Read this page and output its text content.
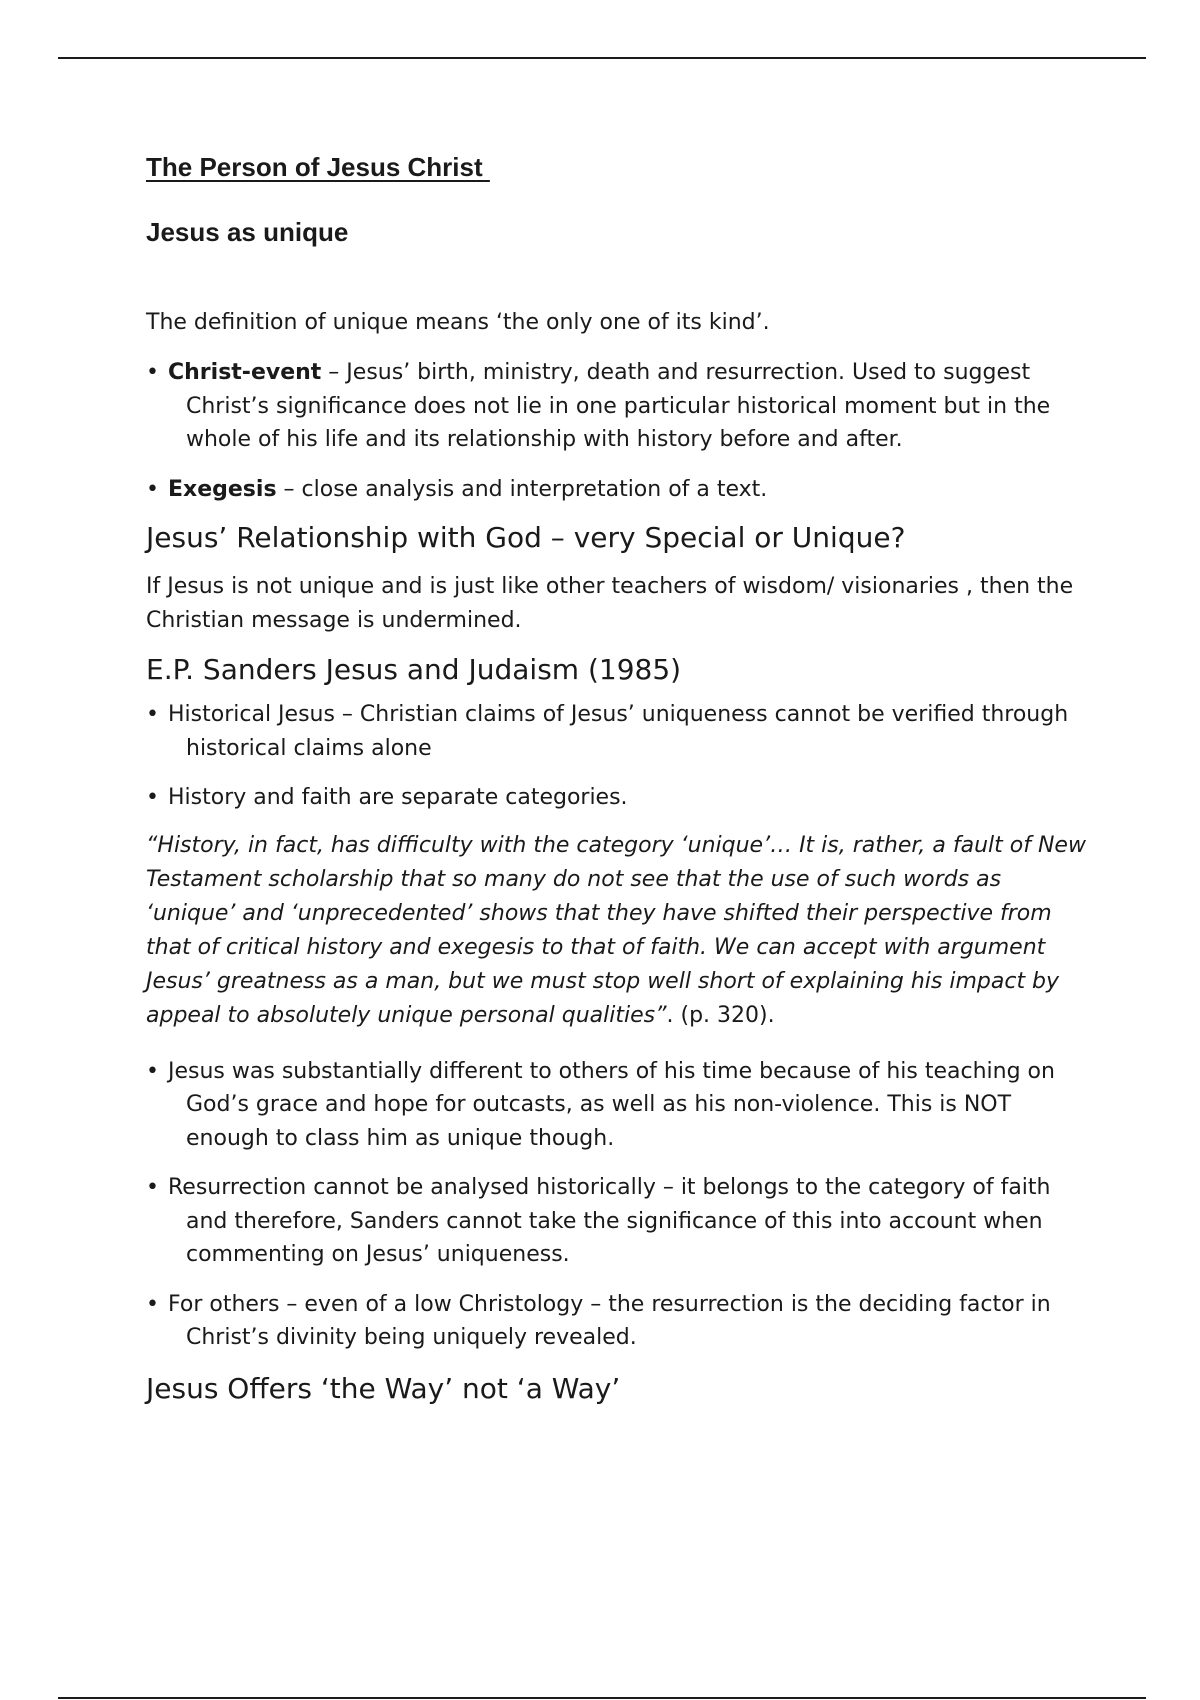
The Person of Jesus Christ
Jesus as unique

The definition of unique means ‘the only one of its kind’.

• Christ-event – Jesus’ birth, ministry, death and resurrection. Used to suggest Christ’s significance does not lie in one particular historical moment but in the whole of his life and its relationship with history before and after.
• Exegesis – close analysis and interpretation of a text.
Jesus’ Relationship with God – very Special or Unique?

If Jesus is not unique and is just like other teachers of wisdom/ visionaries , then the Christian message is undermined.

E.P. Sanders Jesus and Judaism (1985)
• Historical Jesus – Christian claims of Jesus’ uniqueness cannot be verified through historical claims alone
• History and faith are separate categories.

“History, in fact, has difficulty with the category ‘unique’… It is, rather, a fault of New Testament scholarship that so many do not see that the use of such words as ‘unique’ and ‘unprecedented’ shows that they have shifted their perspective from that of critical history and exegesis to that of faith. We can accept with argument Jesus’ greatness as a man, but we must stop well short of explaining his impact by appeal to absolutely unique personal qualities”. (p. 320).

• Jesus was substantially different to others of his time because of his teaching on God’s grace and hope for outcasts, as well as his non-violence. This is NOT enough to class him as unique though.
• Resurrection cannot be analysed historically – it belongs to the category of faith and therefore, Sanders cannot take the significance of this into account when commenting on Jesus’ uniqueness.
• For others – even of a low Christology – the resurrection is the deciding factor in Christ’s divinity being uniquely revealed.
Jesus Offers ‘the Way’ not ‘a Way’
